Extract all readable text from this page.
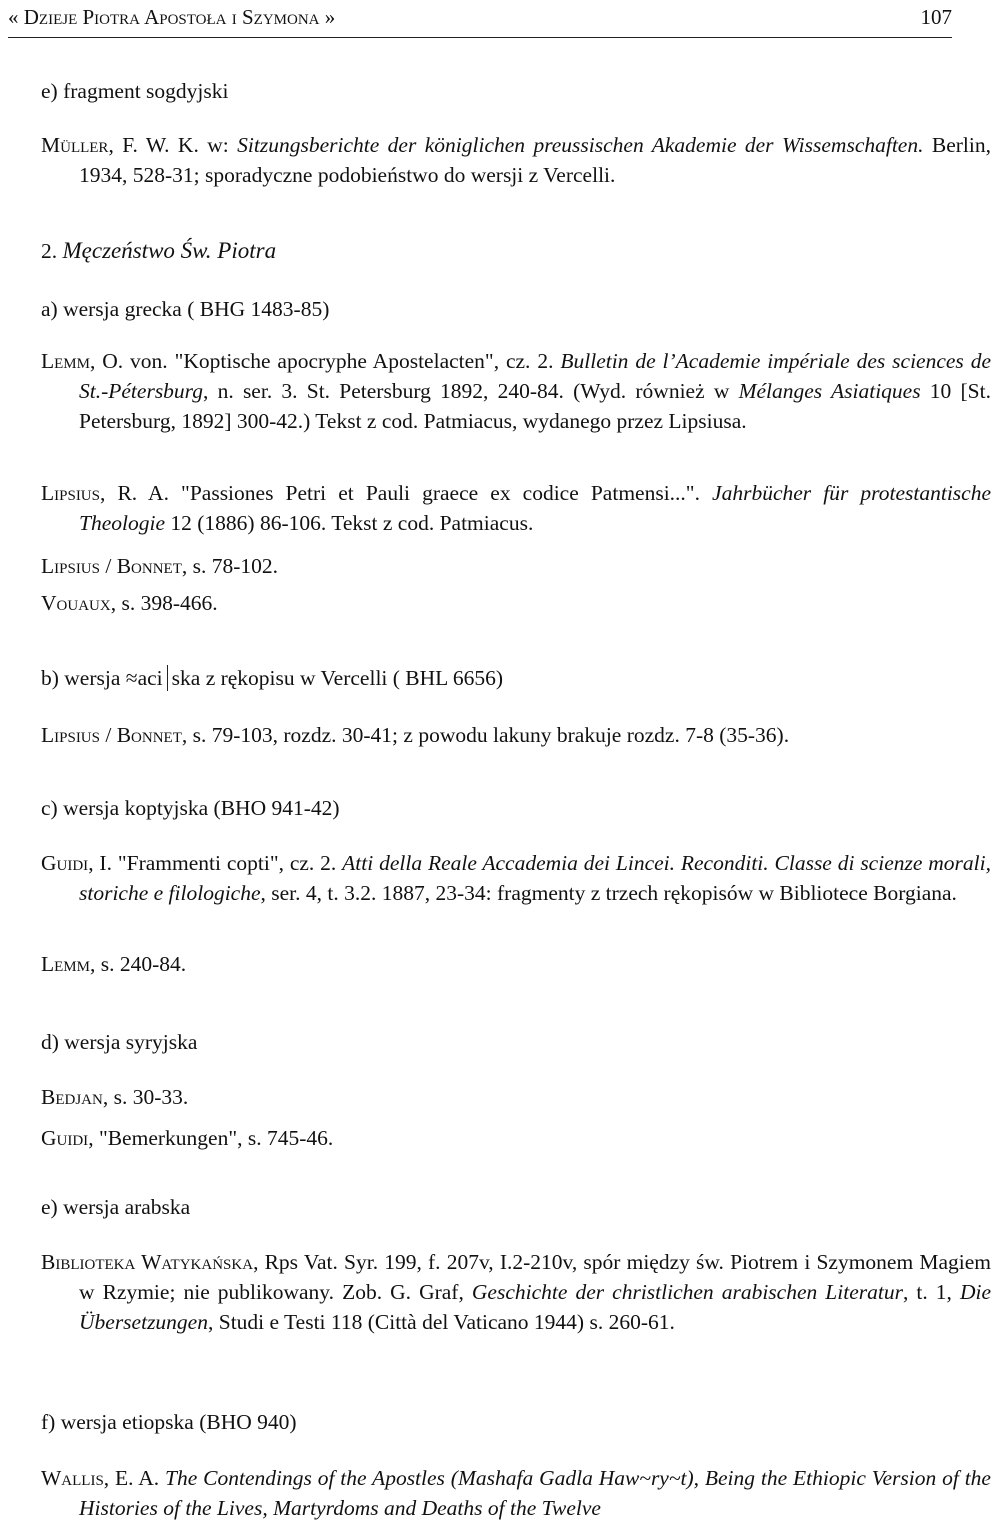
« Dzieje Piotra Apostoła i Szymona »	107
e) fragment sogdyjski
Müller, F. W. K. w: Sitzungsberichte der königlichen preussischen Akademie der Wissemschaften. Berlin, 1934, 528-31; sporadyczne podobieństwo do wersji z Vercelli.
2. Męczeństwo Św. Piotra
a) wersja grecka ( BHG 1483-85)
Lemm, O. von. "Koptische apocryphe Apostelacten", cz. 2. Bulletin de l’Academie impériale des sciences de St.-Pétersburg, n. ser. 3. St. Petersburg 1892, 240-84. (Wyd. również w Mélanges Asiatiques 10 [St. Petersburg, 1892] 300-42.) Tekst z cod. Patmiacus, wydanego przez Lipsiusa.
Lipsius, R. A. "Passiones Petri et Pauli graece ex codice Patmensi...". Jahrbücher für protestantische Theologie 12 (1886) 86-106. Tekst z cod. Patmiacus.
Lipsius / Bonnet, s. 78-102.
Vouaux, s. 398-466.
b) wersja ≈aci ska z rękopisu w Vercelli ( BHL 6656)
Lipsius / Bonnet, s. 79-103, rozdz. 30-41; z powodu lakuny brakuje rozdz. 7-8 (35-36).
c) wersja koptyjska (BHO 941-42)
Guidi, I. "Frammenti copti", cz. 2. Atti della Reale Accademia dei Lincei. Reconditi. Classe di scienze morali, storiche e filologiche, ser. 4, t. 3.2. 1887, 23-34: fragmenty z trzech rękopisów w Bibliotece Borgiana.
Lemm, s. 240-84.
d) wersja syryjska
Bedjan, s. 30-33.
Guidi, "Bemerkungen", s. 745-46.
e) wersja arabska
Biblioteka Watykańska, Rps Vat. Syr. 199, f. 207v, I.2-210v, spór między św. Piotrem i Szymonem Magiem w Rzymie; nie publikowany. Zob. G. Graf, Geschichte der christlichen arabischen Literatur, t. 1, Die Übersetzungen, Studi e Testi 118 (Città del Vaticano 1944) s. 260-61.
f) wersja etiopska (BHO 940)
Wallis, E. A. The Contendings of the Apostles (Mashafa Gadla Haw~ry~t), Being the Ethiopic Version of the Histories of the Lives, Martyrdoms and Deaths of the Twelve
